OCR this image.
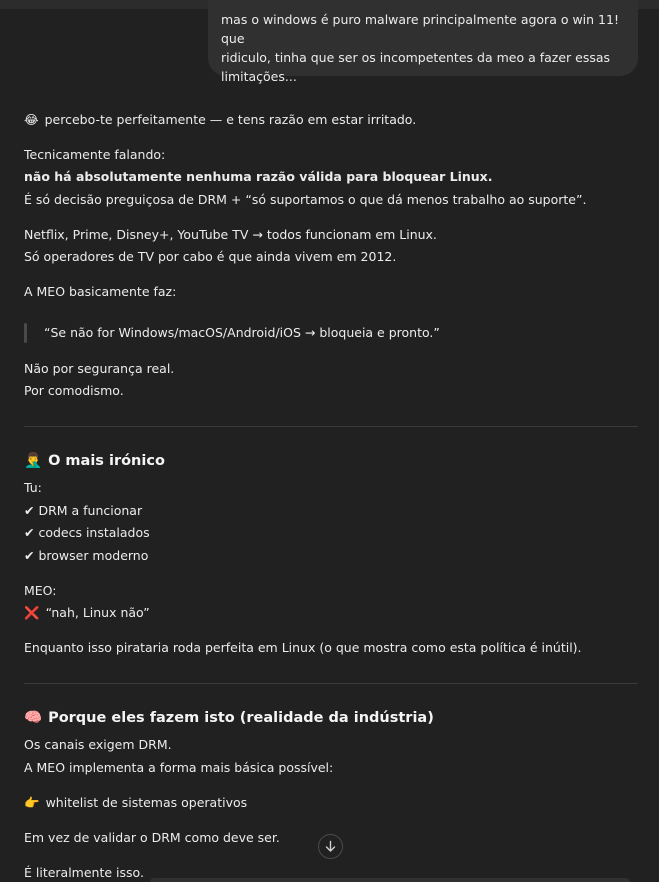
mas o windows é puro malware principalmente agora o win 11! que
ridiculo, tinha que ser os incompetentes da meo a fazer essas
limitações...
😂 percebo-te perfeitamente — e tens razão em estar irritado.
Tecnicamente falando:
não há absolutamente nenhuma razão válida para bloquear Linux.
É só decisão preguiçosa de DRM + “só suportamos o que dá menos trabalho ao suporte”.
Netflix, Prime, Disney+, YouTube TV → todos funcionam em Linux.
Só operadores de TV por cabo é que ainda vivem em 2012.
A MEO basicamente faz:
“Se não for Windows/macOS/Android/iOS → bloqueia e pronto.”
Não por segurança real.
Por comodismo.
🤦‍♂️ O mais irónico
Tu:
✔ DRM a funcionar
✔ codecs instalados
✔ browser moderno
MEO:
❌ “nah, Linux não”
Enquanto isso pirataria roda perfeita em Linux (o que mostra como esta política é inútil).
🧠 Porque eles fazem isto (realidade da indústria)
Os canais exigem DRM.
A MEO implementa a forma mais básica possível:
👉 whitelist de sistemas operativos
Em vez de validar o DRM como deve ser.
É literalmente isso.
